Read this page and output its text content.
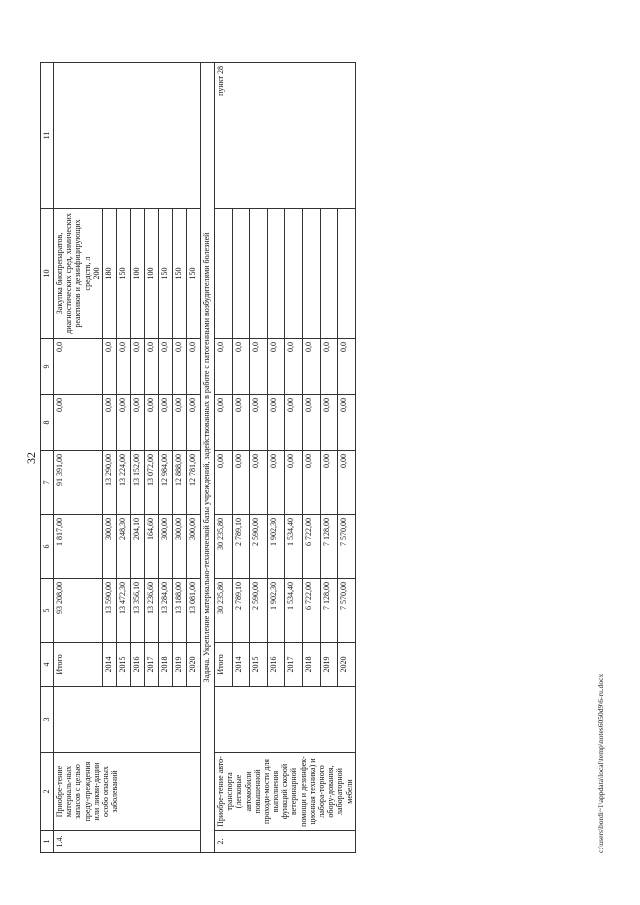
32
1	2	3	4	5	6	7	8	9	10	11
1.4.	Приобре-тение материаль-ных запасов с целью преду-преждения или ликви-дации особо опасных заболеваний		Итого	93 208,00	1 817,00	91 391,00	0,00	0,0	Закупка биопрепаратов, диагностических сред, химических реактивов и дезинфицирующих средств, л 200	

			2014	13 590,00	300,00	13 290,00	0,00	0,0	180	
			2015	13 472,30	248,30	13 224,00	0,00	0,0	150	
			2016	13 356,10	204,10	13 152,00	0,00	0,0	100	
			2017	13 236,60	164,60	13 072,00	0,00	0,0	100	
			2018	13 284,00	300,00	12 984,00	0,00	0,0	150	
			2019	13 188,00	300,00	12 888,00	0,00	0,0	150	
			2020	13 081,00	300,00	12 781,00	0,00	0,0	150	
Задача. Укрепление материально-технической базы учреждений, задействованных в работе с патогенными возбудителями болезней										
2.	Приобре-тение авто-транспорта (легковые автомобили повышенной проходи-мости для выполнения функций скорой ветеринарной помощи и дезинфек-ционная техника) и лабора-торного обору-дования, лабораторной мебели		Итого	30 235,80	30 235,80	0,00	0,00	0,0		пункт 28
			2014	2 789,10	2 789,10	0,00	0,00	0,0		
			2015	2 590,00	2 590,00	0,00	0,00	0,0		
			2016	1 902,30	1 902,30	0,00	0,00	0,0		
			2017	1 534,40	1 534,40	0,00	0,00	0,0		
			2018	6 722,00	6 722,00	0,00	0,00	0,0		
			2019	7 128,00	7 128,00	0,00	0,00	0,0		
			2020	7 570,00	7 570,00	0,00	0,00	0,0		
c:\users\bordi~1\appdata\local\temp\notes6050d9\6-ru.docx
